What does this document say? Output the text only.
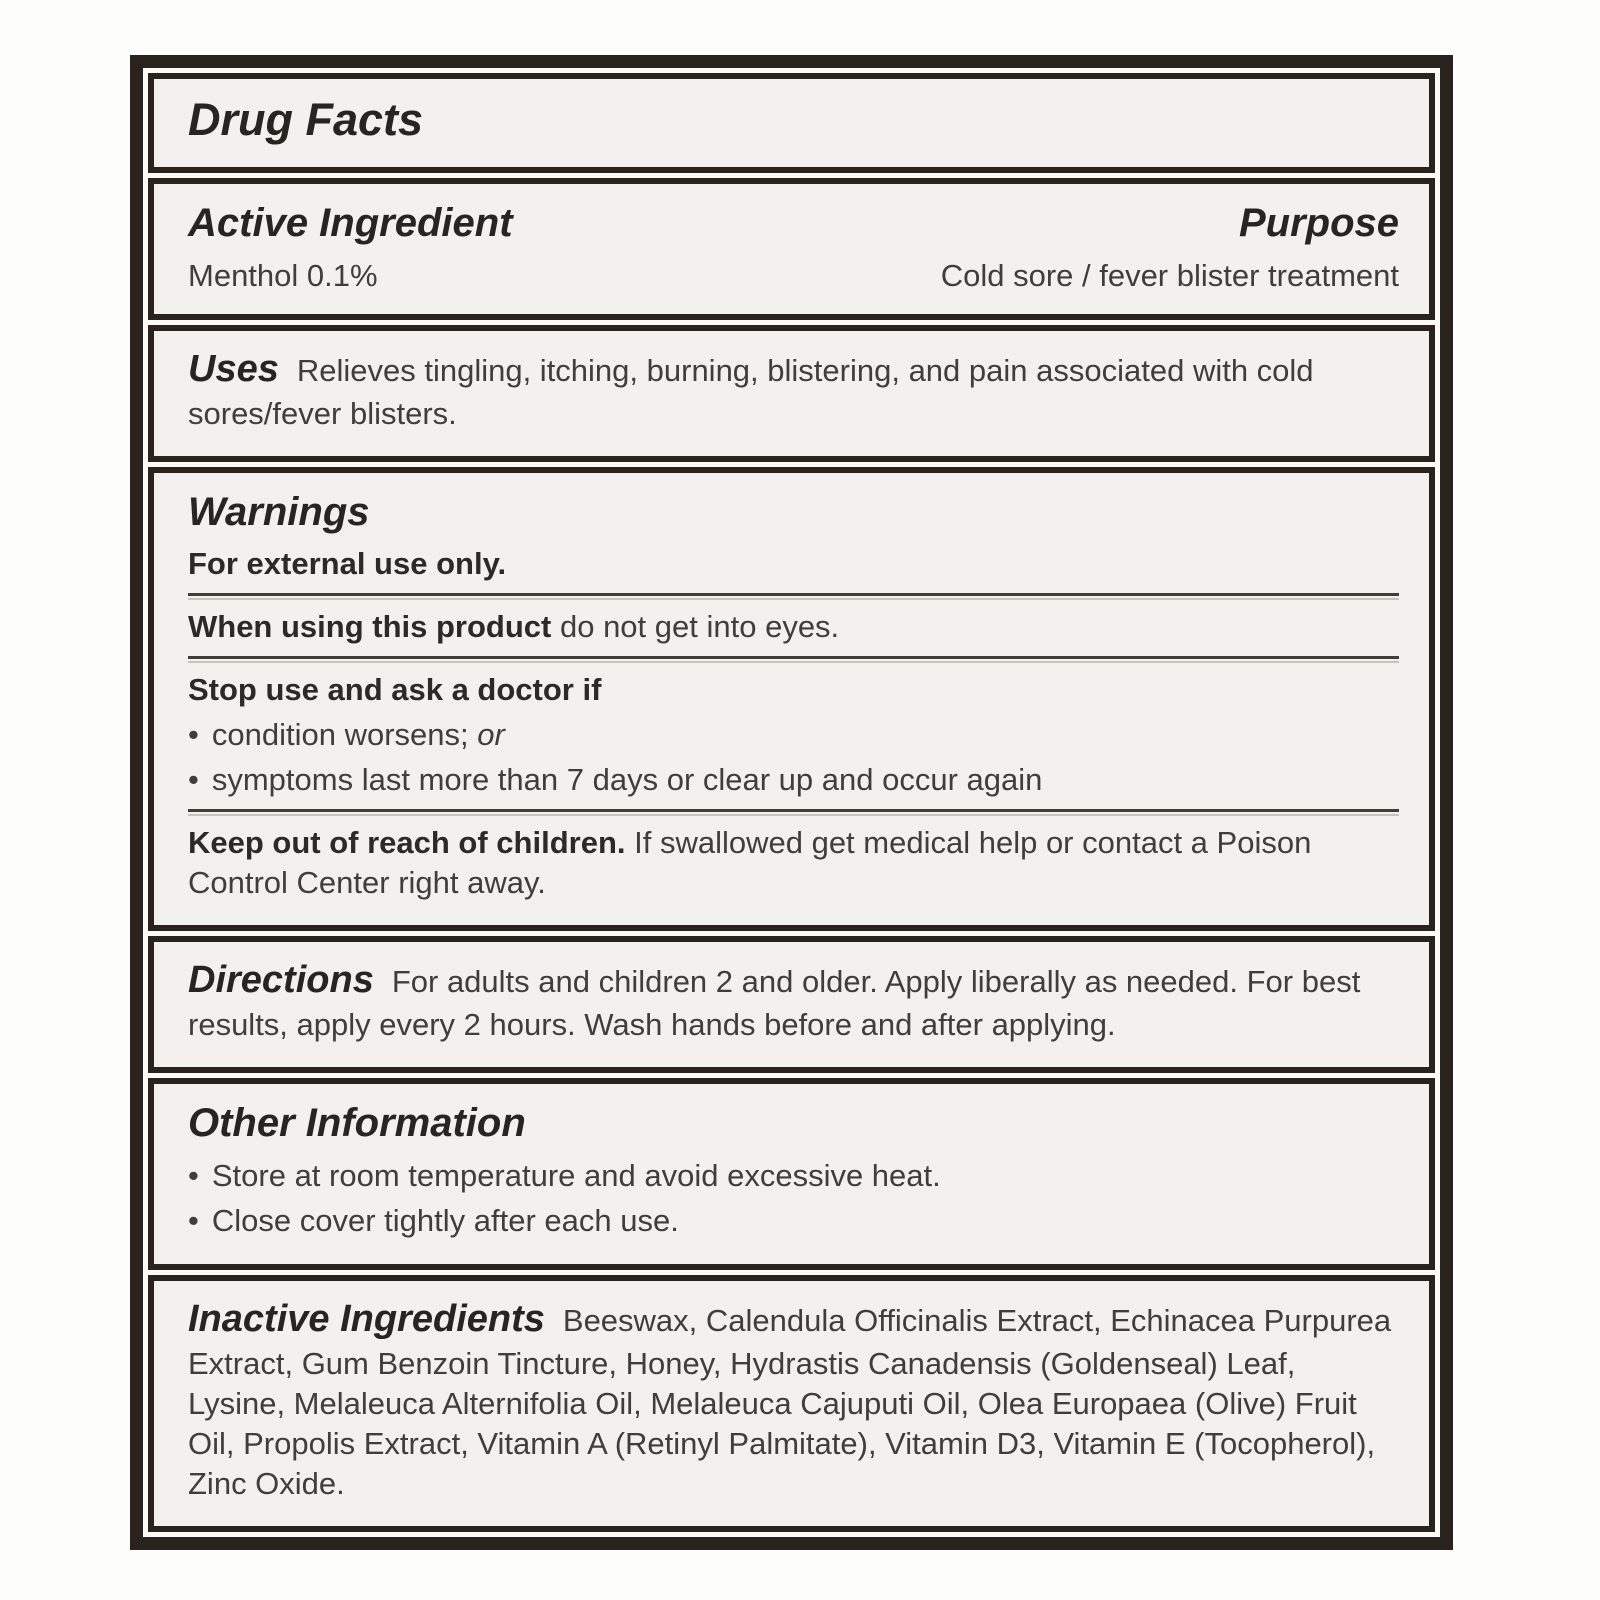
Drug Facts
Active Ingredient	Purpose
Menthol 0.1%	Cold sore / fever blister treatment

Uses Relieves tingling, itching, burning, blistering, and pain associated with cold sores/fever blisters.

Warnings

For external use only.

When using this product do not get into eyes.

Stop use and ask a doctor if

• condition worsens; or

• symptoms last more than 7 days or clear up and occur again

Keep out of reach of children. If swallowed get medical help or contact a Poison Control Center right away.

Directions For adults and children 2 and older. Apply liberally as needed. For best results, apply every 2 hours. Wash hands before and after applying.

Other Information

• Store at room temperature and avoid excessive heat.

• Close cover tightly after each use.

Inactive Ingredients Beeswax, Calendula Officinalis Extract, Echinacea Purpurea Extract, Gum Benzoin Tincture, Honey, Hydrastis Canadensis (Goldenseal) Leaf, Lysine, Melaleuca Alternifolia Oil, Melaleuca Cajuputi Oil, Olea Europaea (Olive) Fruit Oil, Propolis Extract, Vitamin A (Retinyl Palmitate), Vitamin D3, Vitamin E (Tocopherol), Zinc Oxide.
